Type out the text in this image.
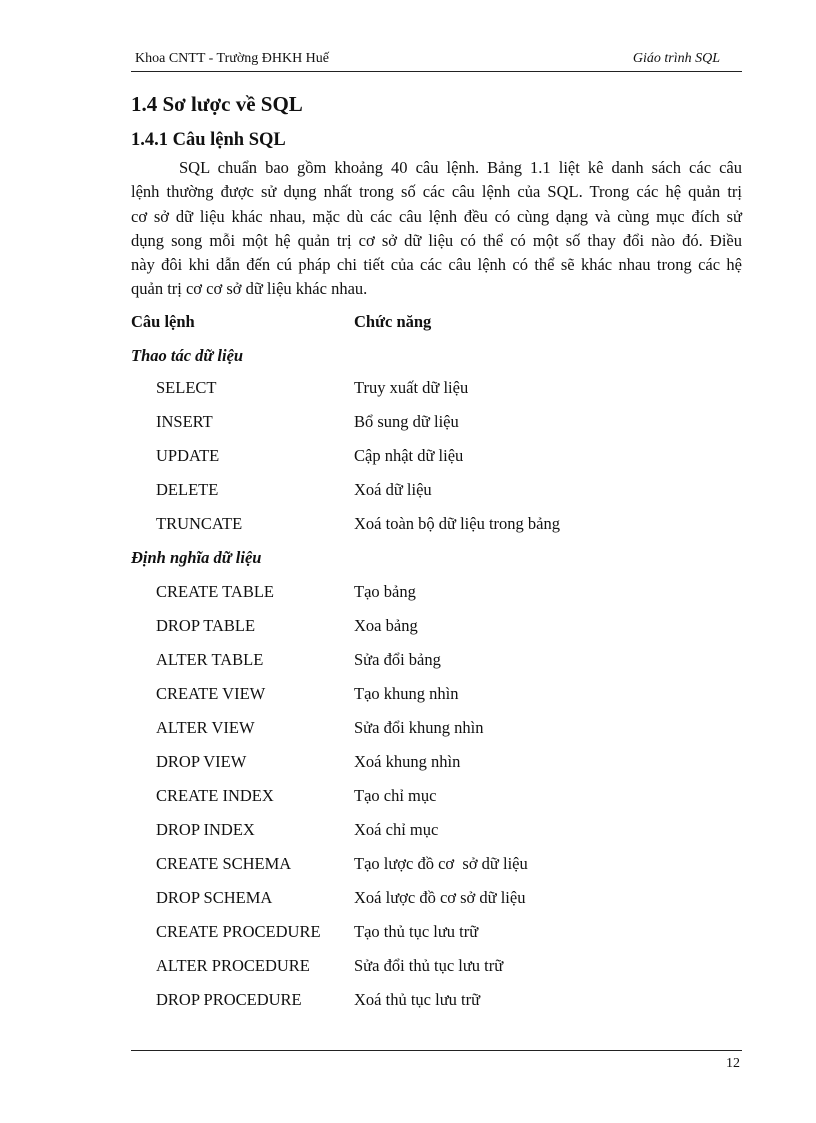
Khoa CNTT - Trường ĐHKH Huế	Giáo trình SQL
1.4 Sơ lược về SQL
1.4.1 Câu lệnh SQL

SQL chuẩn bao gồm khoảng 40 câu lệnh. Bảng 1.1 liệt kê danh sách các câu
lệnh thường được sử dụng nhất trong số các câu lệnh của SQL. Trong các hệ quản trị
cơ sở dữ liệu khác nhau, mặc dù các câu lệnh đều có cùng dạng và cùng mục đích sử
dụng song mỗi một hệ quản trị cơ sở dữ liệu có thể có một số thay đổi nào đó. Điều
này đôi khi dẫn đến cú pháp chi tiết của các câu lệnh có thể sẽ khác nhau trong các hệ
quản trị cơ cơ sở dữ liệu khác nhau.

Câu lệnh	Chức năng
Thao tác dữ liệu
SELECT	Truy xuất dữ liệu
INSERT	Bổ sung dữ liệu
UPDATE	Cập nhật dữ liệu
DELETE	Xoá dữ liệu
TRUNCATE	Xoá toàn bộ dữ liệu trong bảng
Định nghĩa dữ liệu
CREATE TABLE	Tạo bảng
DROP TABLE	Xoa bảng
ALTER TABLE	Sửa đổi bảng
CREATE VIEW	Tạo khung nhìn
ALTER VIEW	Sửa đổi khung nhìn
DROP VIEW	Xoá khung nhìn
CREATE INDEX	Tạo chỉ mục
DROP INDEX	Xoá chỉ mục
CREATE SCHEMA	Tạo lược đồ cơ  sở dữ liệu
DROP SCHEMA	Xoá lược đồ cơ sở dữ liệu
CREATE PROCEDURE Tạo thủ tục lưu trữ
ALTER PROCEDURE	Sửa đổi thủ tục lưu trữ
DROP PROCEDURE	Xoá thủ tục lưu trữ
12
